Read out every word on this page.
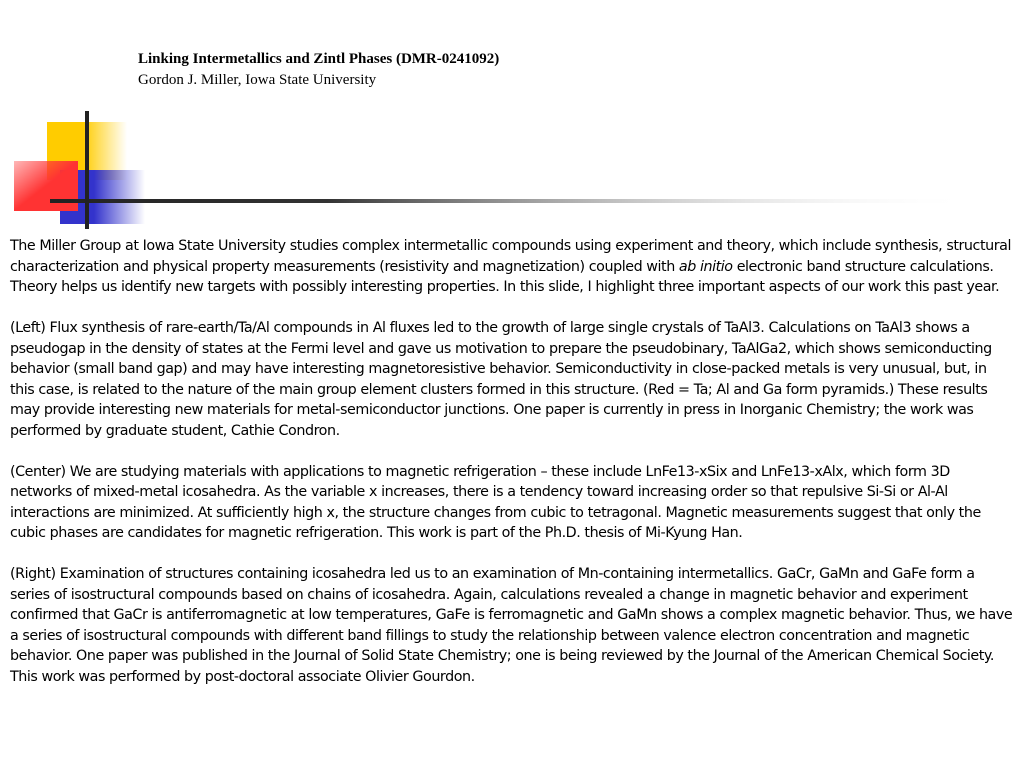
Linking Intermetallics and Zintl Phases (DMR-0241092)
Gordon J. Miller, Iowa State University

The Miller Group at Iowa State University studies complex intermetallic compounds using experiment and theory, which include synthesis, structural characterization and physical property measurements (resistivity and magnetization) coupled with ab initio electronic band structure calculations. Theory helps us identify new targets with possibly interesting properties. In this slide, I highlight three important aspects of our work this past year.

(Left) Flux synthesis of rare-earth/Ta/Al compounds in Al fluxes led to the growth of large single crystals of TaAl3. Calculations on TaAl3 shows a pseudogap in the density of states at the Fermi level and gave us motivation to prepare the pseudobinary, TaAlGa2, which shows semiconducting behavior (small band gap) and may have interesting magnetoresistive behavior. Semiconductivity in close-packed metals is very unusual, but, in this case, is related to the nature of the main group element clusters formed in this structure. (Red = Ta; Al and Ga form pyramids.) These results may provide interesting new materials for metal-semiconductor junctions. One paper is currently in press in Inorganic Chemistry; the work was performed by graduate student, Cathie Condron.

(Center) We are studying materials with applications to magnetic refrigeration – these include LnFe13-xSix and LnFe13-xAlx, which form 3D networks of mixed-metal icosahedra. As the variable x increases, there is a tendency toward increasing order so that repulsive Si-Si or Al-Al interactions are minimized. At sufficiently high x, the structure changes from cubic to tetragonal. Magnetic measurements suggest that only the cubic phases are candidates for magnetic refrigeration. This work is part of the Ph.D. thesis of Mi-Kyung Han.

(Right) Examination of structures containing icosahedra led us to an examination of Mn-containing intermetallics. GaCr, GaMn and GaFe form a series of isostructural compounds based on chains of icosahedra. Again, calculations revealed a change in magnetic behavior and experiment confirmed that GaCr is antiferromagnetic at low temperatures, GaFe is ferromagnetic and GaMn shows a complex magnetic behavior. Thus, we have a series of isostructural compounds with different band fillings to study the relationship between valence electron concentration and magnetic behavior. One paper was published in the Journal of Solid State Chemistry; one is being reviewed by the Journal of the American Chemical Society. This work was performed by post-doctoral associate Olivier Gourdon.
